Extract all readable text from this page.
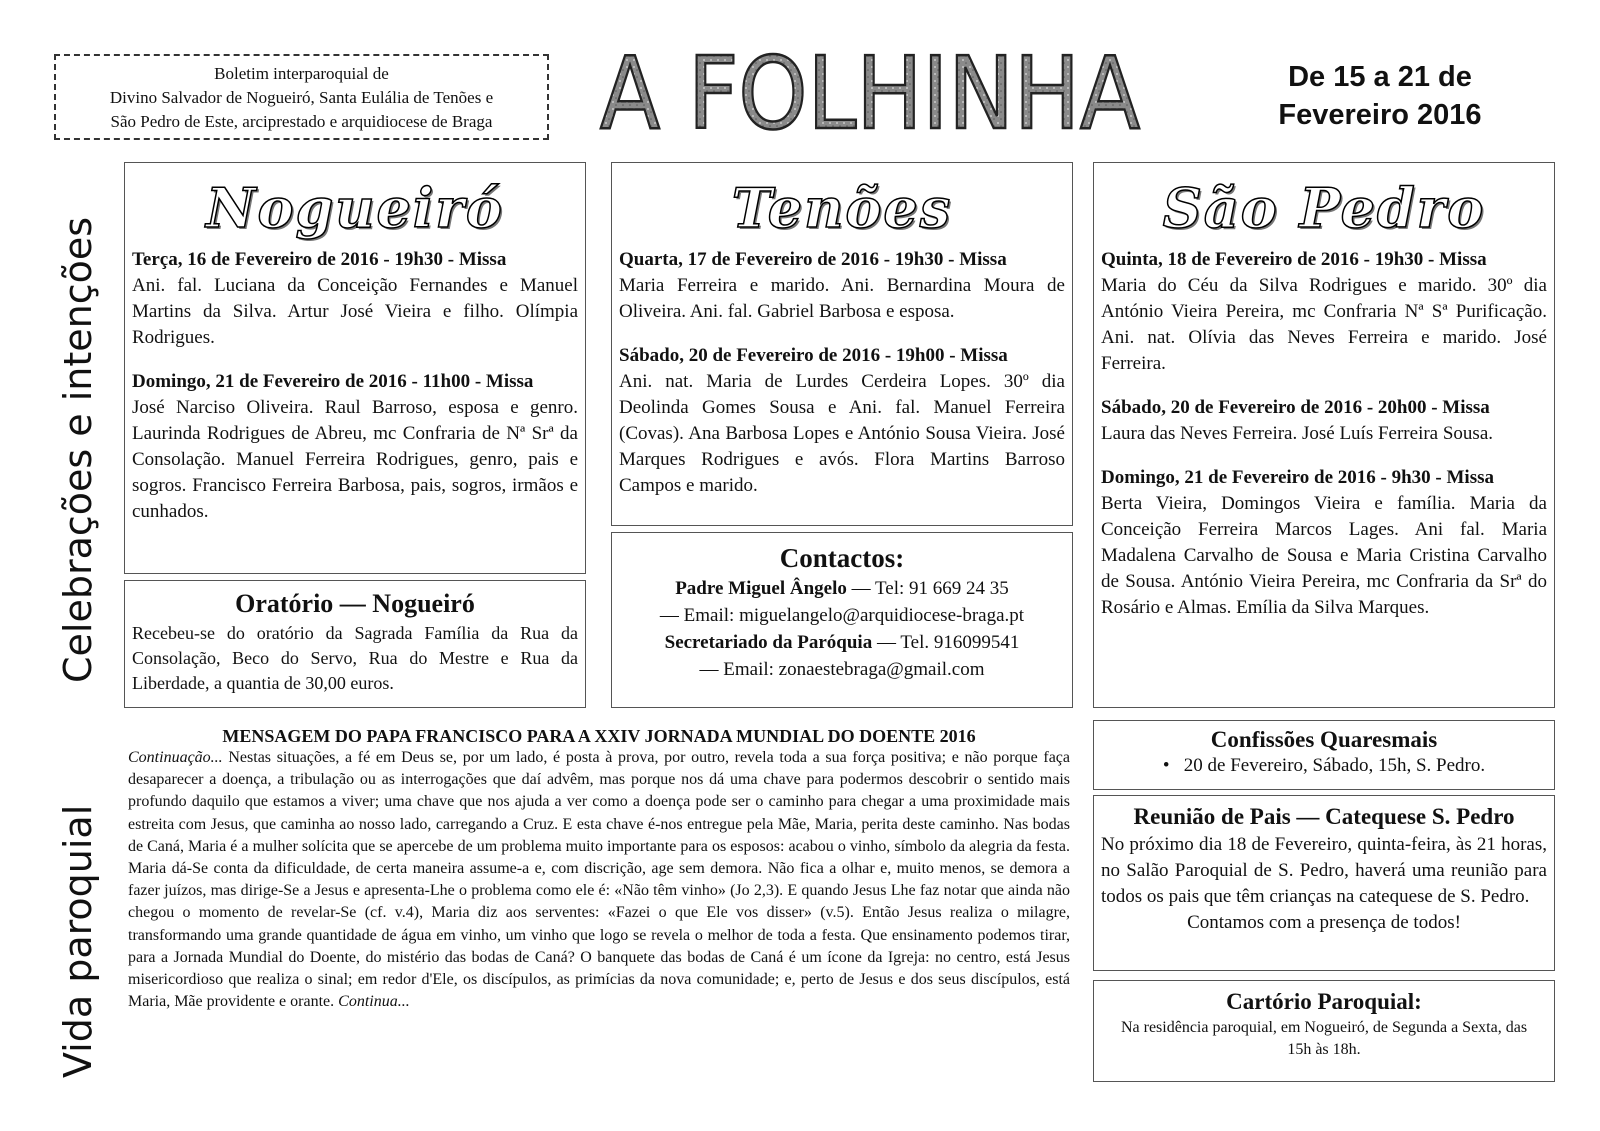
Boletim interparoquial de
Divino Salvador de Nogueiró, Santa Eulália de Tenões e
São Pedro de Este, arciprestado e arquidiocese de Braga	A FOLHINHA	De 15 a 21 de
Fevereiro 2016
Celebrações e intenções
Vida paroquial
Nogueiró

Terça, 16 de Fevereiro de 2016 - 19h30 - Missa

Ani. fal. Luciana da Conceição Fernandes e Manuel Martins da Silva. Artur José Vieira e filho. Olímpia Rodrigues.

Domingo, 21 de Fevereiro de 2016 - 11h00 - Missa

José Narciso Oliveira. Raul Barroso, esposa e genro. Laurinda Rodrigues de Abreu, mc Confraria de Nª Srª da Consolação. Manuel Ferreira Rodrigues, genro, pais e sogros. Francisco Ferreira Barbosa, pais, sogros, irmãos e cunhados.

Oratório — Nogueiró

Recebeu-se do oratório da Sagrada Família da Rua da Consolação, Beco do Servo, Rua do Mestre e Rua da Liberdade, a quantia de 30,00 euros.

Tenões

Quarta, 17 de Fevereiro de 2016 - 19h30 - Missa

Maria Ferreira e marido. Ani. Bernardina Moura de Oliveira. Ani. fal. Gabriel Barbosa e esposa.

Sábado, 20 de Fevereiro de 2016 - 19h00 - Missa

Ani. nat. Maria de Lurdes Cerdeira Lopes. 30º dia Deolinda Gomes Sousa e Ani. fal. Manuel Ferreira (Covas). Ana Barbosa Lopes e António Sousa Vieira. José Marques Rodrigues e avós. Flora Martins Barroso Campos e marido.

Contactos:
Padre Miguel Ângelo — Tel: 91 669 24 35
— Email: miguelangelo@arquidiocese-braga.pt
Secretariado da Paróquia — Tel. 916099541
— Email: zonaestebraga@gmail.com
São Pedro

Quinta, 18 de Fevereiro de 2016 - 19h30 - Missa

Maria do Céu da Silva Rodrigues e marido. 30º dia António Vieira Pereira, mc Confraria Nª Sª Purificação. Ani. nat. Olívia das Neves Ferreira e marido. José Ferreira.

Sábado, 20 de Fevereiro de 2016 - 20h00 - Missa

Laura das Neves Ferreira. José Luís Ferreira Sousa.

Domingo, 21 de Fevereiro de 2016 - 9h30 - Missa

Berta Vieira, Domingos Vieira e família. Maria da Conceição Ferreira Marcos Lages. Ani fal. Maria Madalena Carvalho de Sousa e Maria Cristina Carvalho de Sousa. António Vieira Pereira, mc Confraria da Srª do Rosário e Almas. Emília da Silva Marques.

MENSAGEM DO PAPA FRANCISCO PARA A XXIV JORNADA MUNDIAL DO DOENTE 2016
Continuação... Nestas situações, a fé em Deus se, por um lado, é posta à prova, por outro, revela toda a sua força positiva; e não porque faça desaparecer a doença, a tribulação ou as interrogações que daí advêm, mas porque nos dá uma chave para podermos descobrir o sentido mais profundo daquilo que estamos a viver; uma chave que nos ajuda a ver como a doença pode ser o caminho para chegar a uma proximidade mais estreita com Jesus, que caminha ao nosso lado, carregando a Cruz. E esta chave é-nos entregue pela Mãe, Maria, perita deste caminho. Nas bodas de Caná, Maria é a mulher solícita que se apercebe de um problema muito importante para os esposos: acabou o vinho, símbolo da alegria da festa. Maria dá-Se conta da dificuldade, de certa maneira assume-a e, com discrição, age sem demora. Não fica a olhar e, muito menos, se demora a fazer juízos, mas dirige-Se a Jesus e apresenta-Lhe o problema como ele é: «Não têm vinho» (Jo 2,3). E quando Jesus Lhe faz notar que ainda não chegou o momento de revelar-Se (cf. v.4), Maria diz aos serventes: «Fazei o que Ele vos disser» (v.5). Então Jesus realiza o milagre, transformando uma grande quantidade de água em vinho, um vinho que logo se revela o melhor de toda a festa. Que ensinamento podemos tirar, para a Jornada Mundial do Doente, do mistério das bodas de Caná? O banquete das bodas de Caná é um ícone da Igreja: no centro, está Jesus misericordioso que realiza o sinal; em redor d'Ele, os discípulos, as primícias da nova comunidade; e, perto de Jesus e dos seus discípulos, está Maria, Mãe providente e orante. Continua...
Confissões Quaresmais
•   20 de Fevereiro, Sábado, 15h, S. Pedro.
Reunião de Pais — Catequese S. Pedro

No próximo dia 18 de Fevereiro, quinta-feira, às 21 horas, no Salão Paroquial de S. Pedro, haverá uma reunião para todos os pais que têm crianças na catequese de S. Pedro.

Contamos com a presença de todos!

Cartório Paroquial:
Na residência paroquial, em Nogueiró, de Segunda a Sexta, das 15h às 18h.
